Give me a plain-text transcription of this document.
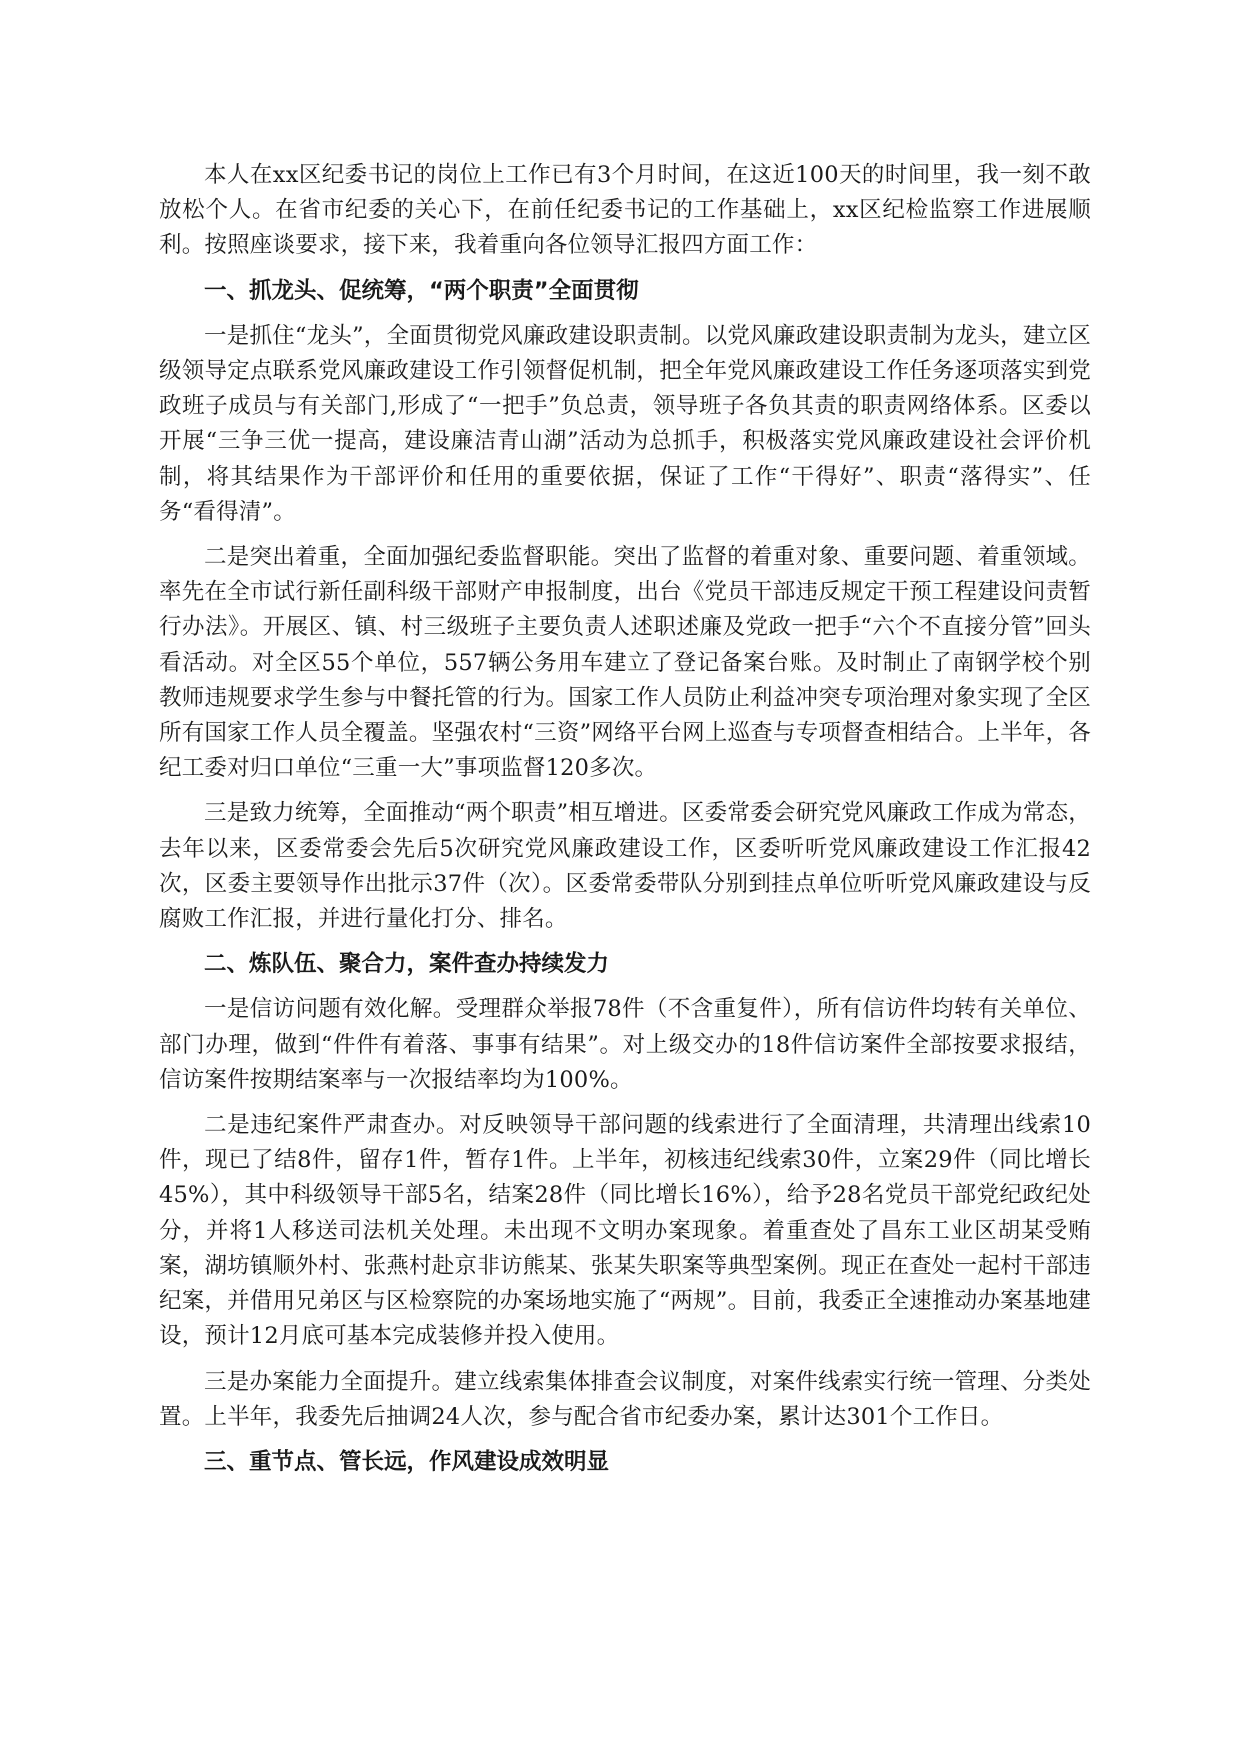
本人在xx区纪委书记的岗位上工作已有3个月时间，在这近100天的时间里，我一刻不敢放松个人。在省市纪委的关心下，在前任纪委书记的工作基础上，xx区纪检监察工作进展顺利。按照座谈要求，接下来，我着重向各位领导汇报四方面工作：

一、抓龙头、促统筹，“两个职责”全面贯彻

一是抓住“龙头”，全面贯彻党风廉政建设职责制。以党风廉政建设职责制为龙头，建立区级领导定点联系党风廉政建设工作引领督促机制，把全年党风廉政建设工作任务逐项落实到党政班子成员与有关部门,形成了“一把手”负总责，领导班子各负其责的职责网络体系。区委以开展“三争三优一提高，建设廉洁青山湖”活动为总抓手，积极落实党风廉政建设社会评价机制，将其结果作为干部评价和任用的重要依据，保证了工作“干得好”、职责“落得实”、任务“看得清”。

二是突出着重，全面加强纪委监督职能。突出了监督的着重对象、重要问题、着重领域。率先在全市试行新任副科级干部财产申报制度，出台《党员干部违反规定干预工程建设问责暂行办法》。开展区、镇、村三级班子主要负责人述职述廉及党政一把手“六个不直接分管”回头看活动。对全区55个单位，557辆公务用车建立了登记备案台账。及时制止了南钢学校个别教师违规要求学生参与中餐托管的行为。国家工作人员防止利益冲突专项治理对象实现了全区所有国家工作人员全覆盖。坚强农村“三资”网络平台网上巡查与专项督查相结合。上半年，各纪工委对归口单位“三重一大”事项监督120多次。

三是致力统筹，全面推动“两个职责”相互增进。区委常委会研究党风廉政工作成为常态，去年以来，区委常委会先后5次研究党风廉政建设工作，区委听听党风廉政建设工作汇报42次，区委主要领导作出批示37件（次）。区委常委带队分别到挂点单位听听党风廉政建设与反腐败工作汇报，并进行量化打分、排名。

二、炼队伍、聚合力，案件查办持续发力

一是信访问题有效化解。受理群众举报78件（不含重复件），所有信访件均转有关单位、部门办理，做到“件件有着落、事事有结果”。对上级交办的18件信访案件全部按要求报结，信访案件按期结案率与一次报结率均为100%。

二是违纪案件严肃查办。对反映领导干部问题的线索进行了全面清理，共清理出线索10件，现已了结8件，留存1件，暂存1件。上半年，初核违纪线索30件，立案29件（同比增长45%），其中科级领导干部5名，结案28件（同比增长16%），给予28名党员干部党纪政纪处分，并将1人移送司法机关处理。未出现不文明办案现象。着重查处了昌东工业区胡某受贿案，湖坊镇顺外村、张燕村赴京非访熊某、张某失职案等典型案例。现正在查处一起村干部违纪案，并借用兄弟区与区检察院的办案场地实施了“两规”。目前，我委正全速推动办案基地建设，预计12月底可基本完成装修并投入使用。

三是办案能力全面提升。建立线索集体排查会议制度，对案件线索实行统一管理、分类处置。上半年，我委先后抽调24人次，参与配合省市纪委办案，累计达301个工作日。

三、重节点、管长远，作风建设成效明显
